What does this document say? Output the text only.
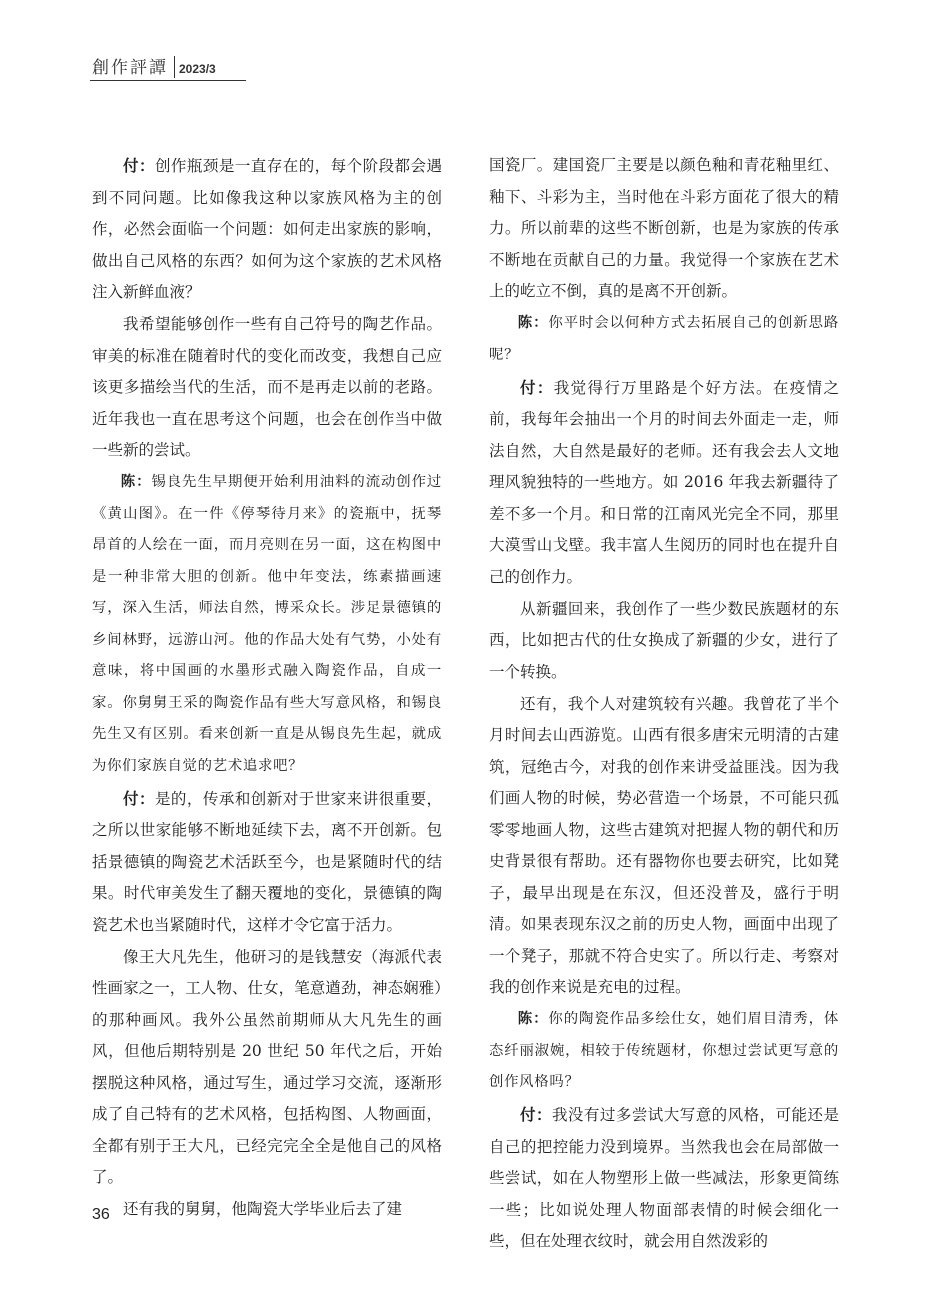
創作評譚 2023/3

付：创作瓶颈是一直存在的，每个阶段都会遇到不同问题。比如像我这种以家族风格为主的创作，必然会面临一个问题：如何走出家族的影响，做出自己风格的东西？如何为这个家族的艺术风格注入新鲜血液？

我希望能够创作一些有自己符号的陶艺作品。审美的标准在随着时代的变化而改变，我想自己应该更多描绘当代的生活，而不是再走以前的老路。近年我也一直在思考这个问题，也会在创作当中做一些新的尝试。

陈：锡良先生早期便开始利用油料的流动创作过《黄山图》。在一件《停琴待月来》的瓷瓶中，抚琴昂首的人绘在一面，而月亮则在另一面，这在构图中是一种非常大胆的创新。他中年变法，练素描画速写，深入生活，师法自然，博采众长。涉足景德镇的乡间林野，远游山河。他的作品大处有气势，小处有意味，将中国画的水墨形式融入陶瓷作品，自成一家。你舅舅王采的陶瓷作品有些大写意风格，和锡良先生又有区别。看来创新一直是从锡良先生起，就成为你们家族自觉的艺术追求吧？

付：是的，传承和创新对于世家来讲很重要，之所以世家能够不断地延续下去，离不开创新。包括景德镇的陶瓷艺术活跃至今，也是紧随时代的结果。时代审美发生了翻天覆地的变化，景德镇的陶瓷艺术也当紧随时代，这样才令它富于活力。

像王大凡先生，他研习的是钱慧安（海派代表性画家之一，工人物、仕女，笔意遒劲，神态娴雅）的那种画风。我外公虽然前期师从大凡先生的画风，但他后期特别是 20 世纪 50 年代之后，开始摆脱这种风格，通过写生，通过学习交流，逐渐形成了自己特有的艺术风格，包括构图、人物画面，全都有别于王大凡，已经完完全全是他自己的风格了。

还有我的舅舅，他陶瓷大学毕业后去了建

国瓷厂。建国瓷厂主要是以颜色釉和青花釉里红、釉下、斗彩为主，当时他在斗彩方面花了很大的精力。所以前辈的这些不断创新，也是为家族的传承不断地在贡献自己的力量。我觉得一个家族在艺术上的屹立不倒，真的是离不开创新。

陈：你平时会以何种方式去拓展自己的创新思路呢？

付：我觉得行万里路是个好方法。在疫情之前，我每年会抽出一个月的时间去外面走一走，师法自然，大自然是最好的老师。还有我会去人文地理风貌独特的一些地方。如 2016 年我去新疆待了差不多一个月。和日常的江南风光完全不同，那里大漠雪山戈壁。我丰富人生阅历的同时也在提升自己的创作力。

从新疆回来，我创作了一些少数民族题材的东西，比如把古代的仕女换成了新疆的少女，进行了一个转换。

还有，我个人对建筑较有兴趣。我曾花了半个月时间去山西游览。山西有很多唐宋元明清的古建筑，冠绝古今，对我的创作来讲受益匪浅。因为我们画人物的时候，势必营造一个场景，不可能只孤零零地画人物，这些古建筑对把握人物的朝代和历史背景很有帮助。还有器物你也要去研究，比如凳子，最早出现是在东汉，但还没普及，盛行于明清。如果表现东汉之前的历史人物，画面中出现了一个凳子，那就不符合史实了。所以行走、考察对我的创作来说是充电的过程。

陈：你的陶瓷作品多绘仕女，她们眉目清秀，体态纤丽淑婉，相较于传统题材，你想过尝试更写意的创作风格吗？

付：我没有过多尝试大写意的风格，可能还是自己的把控能力没到境界。当然我也会在局部做一些尝试，如在人物塑形上做一些减法，形象更简练一些；比如说处理人物面部表情的时候会细化一些，但在处理衣纹时，就会用自然泼彩的

36
